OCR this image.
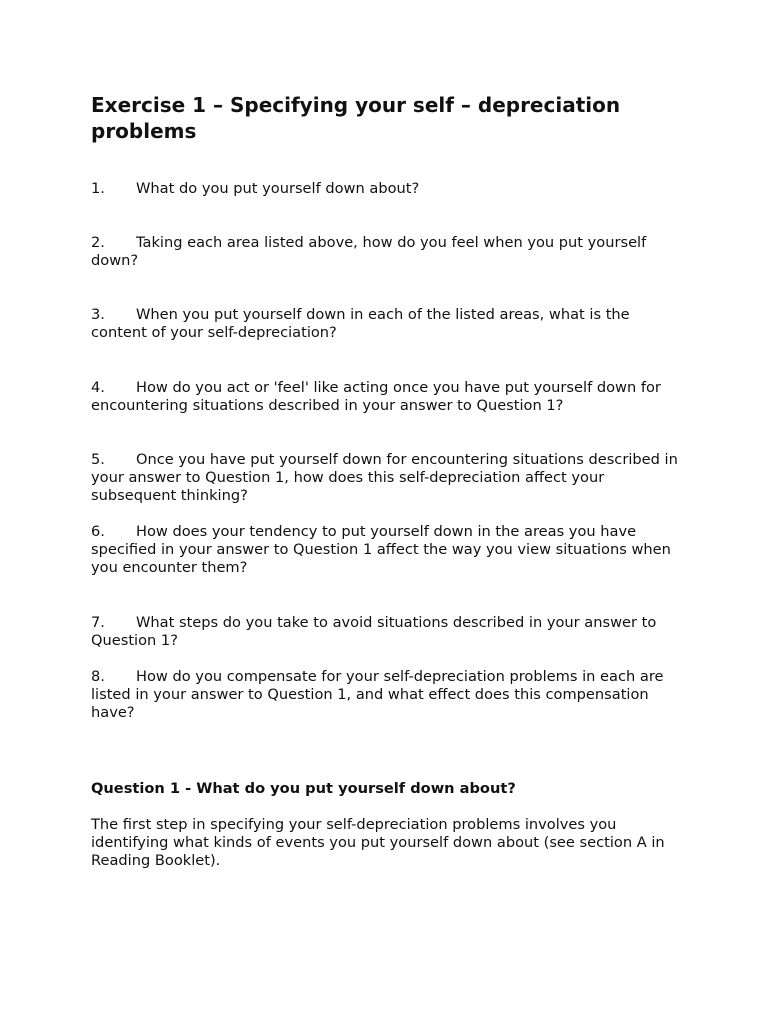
Exercise 1 – Specifying your self – depreciation problems

1. What do you put yourself down about?

2. Taking each area listed above, how do you feel when you put yourself down?

3. When you put yourself down in each of the listed areas, what is the content of your self-depreciation?

4. How do you act or 'feel' like acting once you have put yourself down for encountering situations described in your answer to Question 1?

5. Once you have put yourself down for encountering situations described in your answer to Question 1, how does this self-depreciation affect your subsequent thinking?

6. How does your tendency to put yourself down in the areas you have specified in your answer to Question 1 affect the way you view situations when you encounter them?

7. What steps do you take to avoid situations described in your answer to Question 1?

8. How do you compensate for your self-depreciation problems in each are listed in your answer to Question 1, and what effect does this compensation have?

Question 1 - What do you put yourself down about?

The first step in specifying your self-depreciation problems involves you identifying what kinds of events you put yourself down about (see section A in Reading Booklet).
